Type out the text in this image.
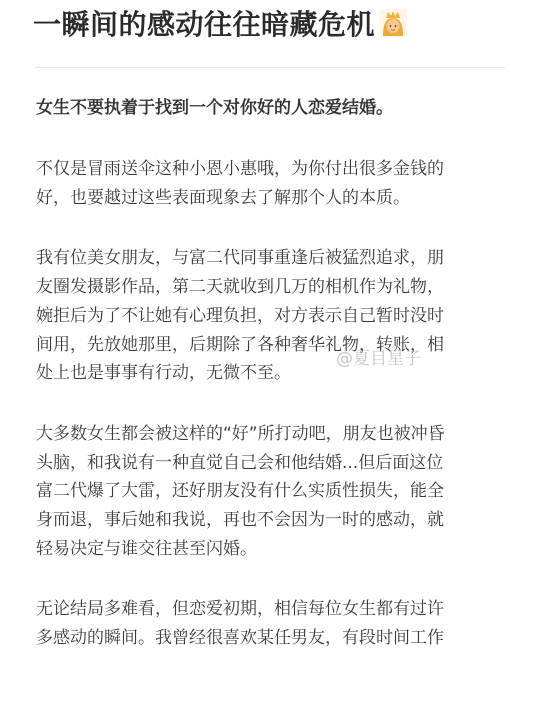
一瞬间的感动往往暗藏危机

女生不要执着于找到一个对你好的人恋爱结婚。

不仅是冒雨送伞这种小恩小惠哦，为你付出很多金钱的
好，也要越过这些表面现象去了解那个人的本质。

我有位美女朋友，与富二代同事重逢后被猛烈追求，朋
友圈发摄影作品，第二天就收到几万的相机作为礼物，
婉拒后为了不让她有心理负担，对方表示自己暂时没时
间用，先放她那里，后期除了各种奢华礼物，转账，相
处上也是事事有行动，无微不至。

大多数女生都会被这样的“好”所打动吧，朋友也被冲昏
头脑，和我说有一种直觉自己会和他结婚...但后面这位
富二代爆了大雷，还好朋友没有什么实质性损失，能全
身而退，事后她和我说，再也不会因为一时的感动，就
轻易决定与谁交往甚至闪婚。

无论结局多难看，但恋爱初期，相信每位女生都有过许
多感动的瞬间。我曾经很喜欢某任男友，有段时间工作

@夏目星子
